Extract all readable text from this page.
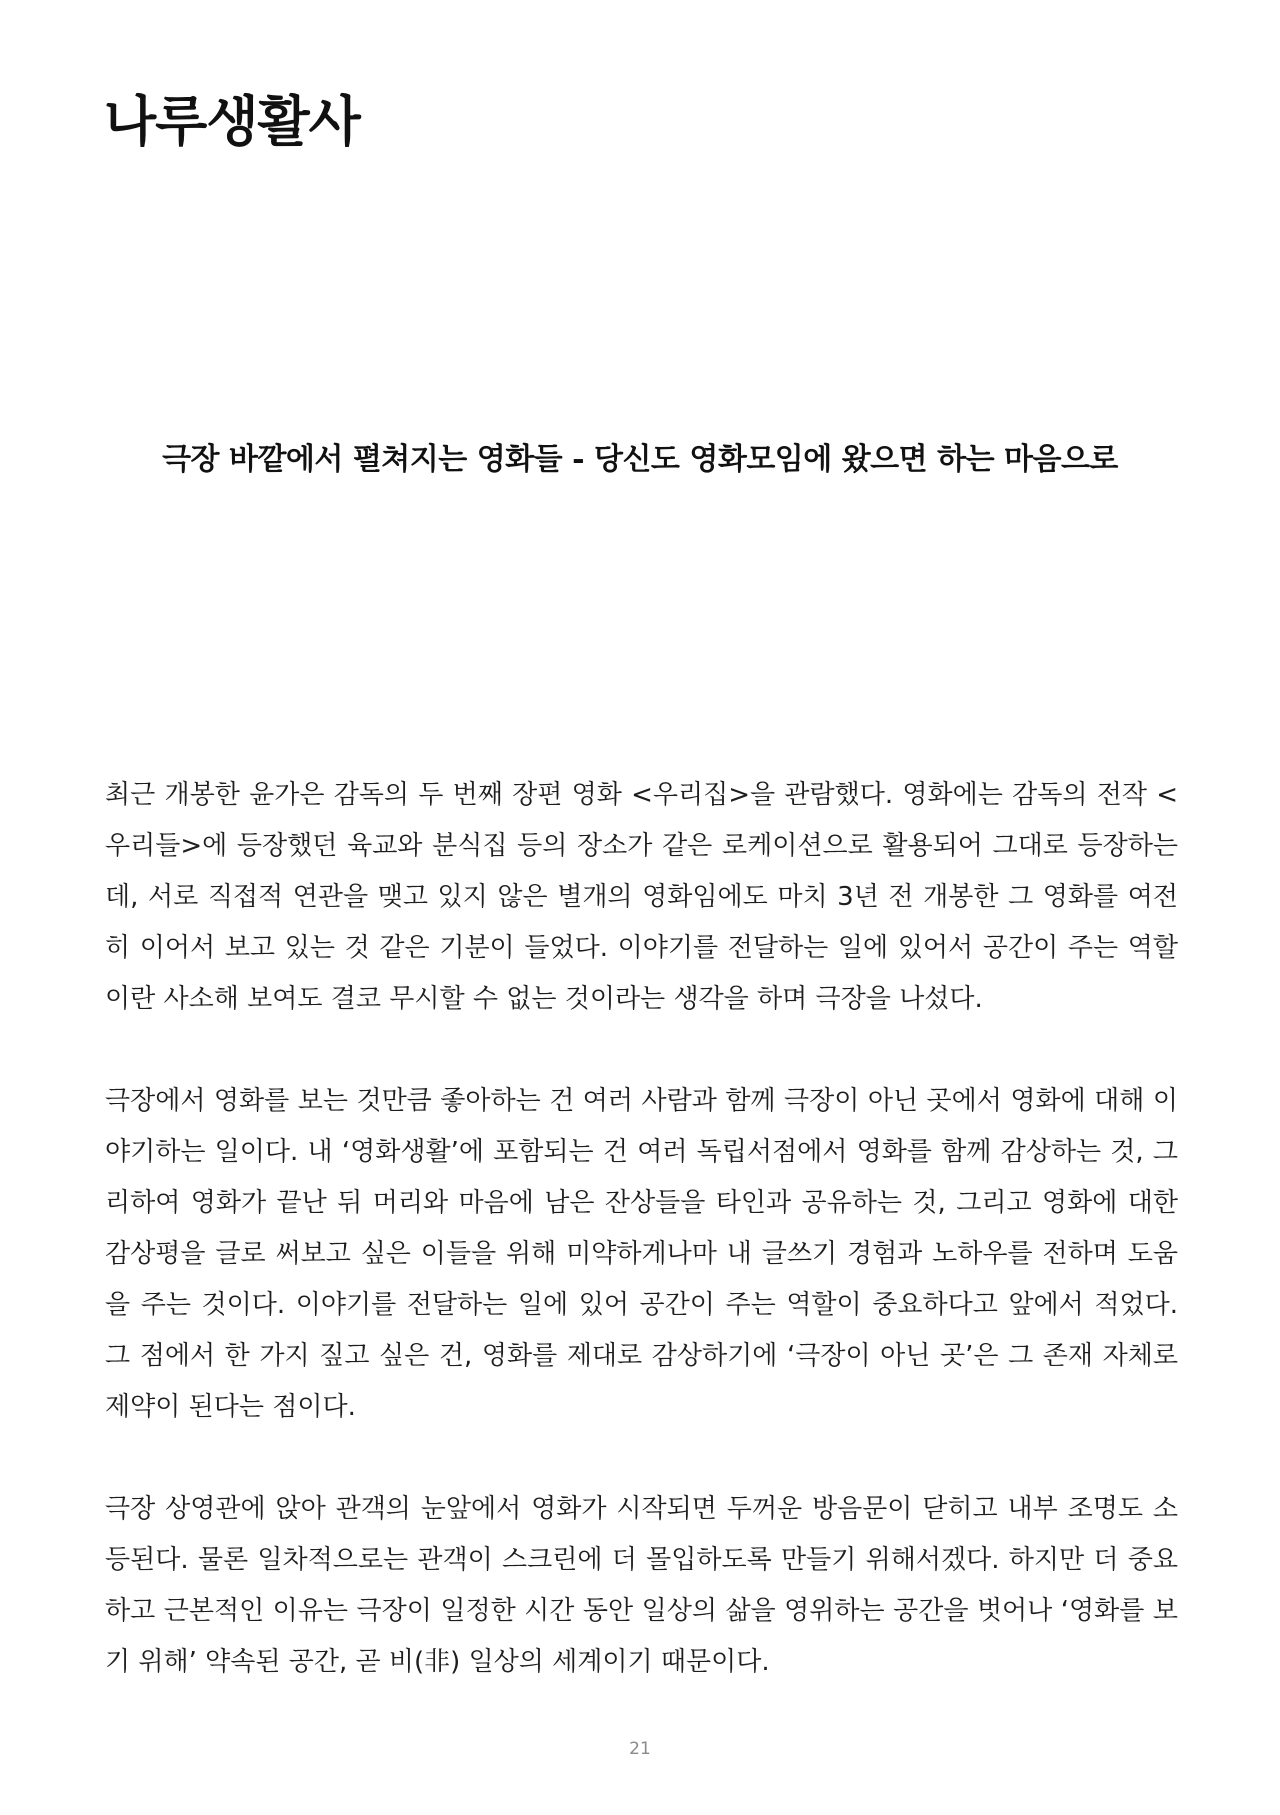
나루생활사
극장 바깥에서 펼쳐지는 영화들 - 당신도 영화모임에 왔으면 하는 마음으로

최근 개봉한 윤가은 감독의 두 번째 장편 영화 <우리집>을 관람했다. 영화에는 감독의 전작 <우리들>에 등장했던 육교와 분식집 등의 장소가 같은 로케이션으로 활용되어 그대로 등장하는데, 서로 직접적 연관을 맺고 있지 않은 별개의 영화임에도 마치 3년 전 개봉한 그 영화를 여전히 이어서 보고 있는 것 같은 기분이 들었다. 이야기를 전달하는 일에 있어서 공간이 주는 역할이란 사소해 보여도 결코 무시할 수 없는 것이라는 생각을 하며 극장을 나섰다.

극장에서 영화를 보는 것만큼 좋아하는 건 여러 사람과 함께 극장이 아닌 곳에서 영화에 대해 이야기하는 일이다. 내 ‘영화생활’에 포함되는 건 여러 독립서점에서 영화를 함께 감상하는 것, 그리하여 영화가 끝난 뒤 머리와 마음에 남은 잔상들을 타인과 공유하는 것, 그리고 영화에 대한 감상평을 글로 써보고 싶은 이들을 위해 미약하게나마 내 글쓰기 경험과 노하우를 전하며 도움을 주는 것이다. 이야기를 전달하는 일에 있어 공간이 주는 역할이 중요하다고 앞에서 적었다. 그 점에서 한 가지 짚고 싶은 건, 영화를 제대로 감상하기에 ‘극장이 아닌 곳’은 그 존재 자체로 제약이 된다는 점이다.

극장 상영관에 앉아 관객의 눈앞에서 영화가 시작되면 두꺼운 방음문이 닫히고 내부 조명도 소등된다. 물론 일차적으로는 관객이 스크린에 더 몰입하도록 만들기 위해서겠다. 하지만 더 중요하고 근본적인 이유는 극장이 일정한 시간 동안 일상의 삶을 영위하는 공간을 벗어나 ‘영화를 보기 위해’ 약속된 공간, 곧 비(非) 일상의 세계이기 때문이다.

21
